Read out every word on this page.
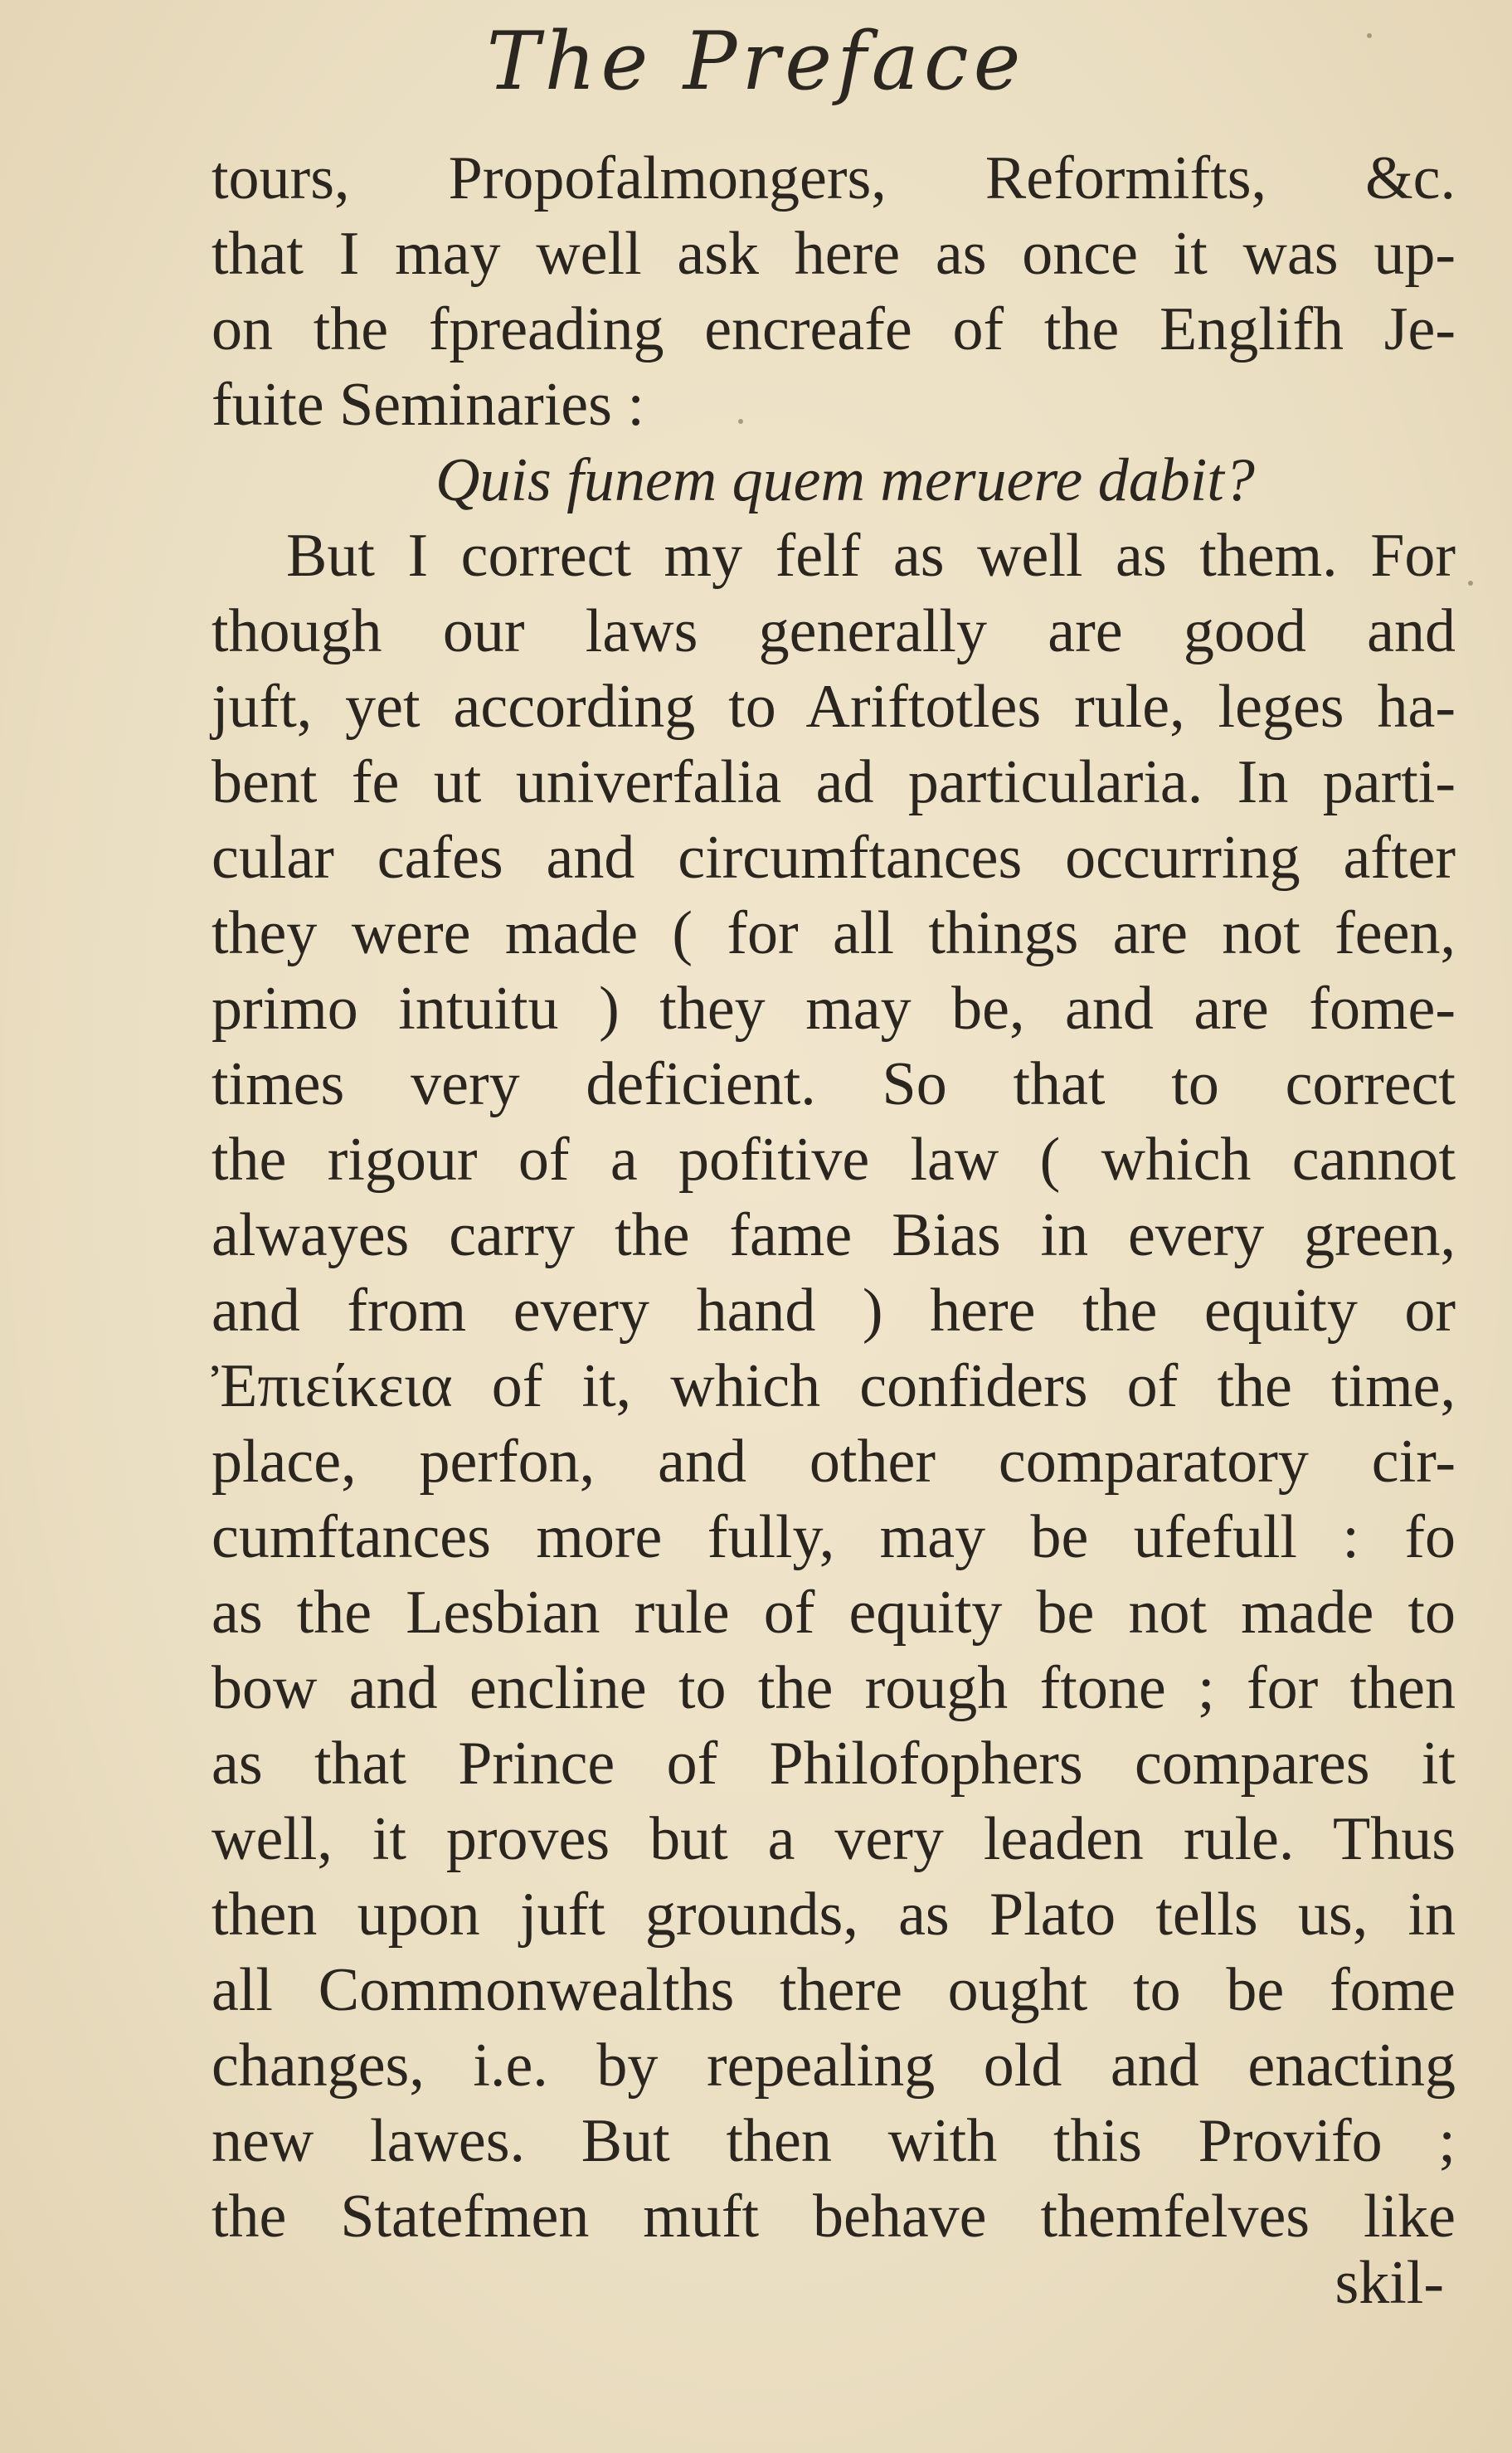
The Preface
tours, Propofalmongers, Reformifts, &c.
that I may well ask here as once it was up-
on the fpreading encreafe of the Englifh Je-
fuite Seminaries :
Quis funem quem meruere dabit?
But I correct my felf as well as them. For
though our laws generally are good and
juft, yet according to Ariftotles rule, leges ha-
bent fe ut univerfalia ad particularia. In parti-
cular cafes and circumftances occurring after
they were made ( for all things are not feen,
primo intuitu ) they may be, and are fome-
times very deficient. So that to correct
the rigour of a pofitive law ( which cannot
alwayes carry the fame Bias in every green,
and from every hand ) here the equity or
Ἐπιείκεια of it, which confiders of the time,
place, perfon, and other comparatory cir-
cumftances more fully, may be ufefull : fo
as the Lesbian rule of equity be not made to
bow and encline to the rough ftone ; for then
as that Prince of Philofophers compares it
well, it proves but a very leaden rule. Thus
then upon juft grounds, as Plato tells us, in
all Commonwealths there ought to be fome
changes, i.e. by repealing old and enacting
new lawes. But then with this Provifo ;
the Statefmen muft behave themfelves like
skil-
